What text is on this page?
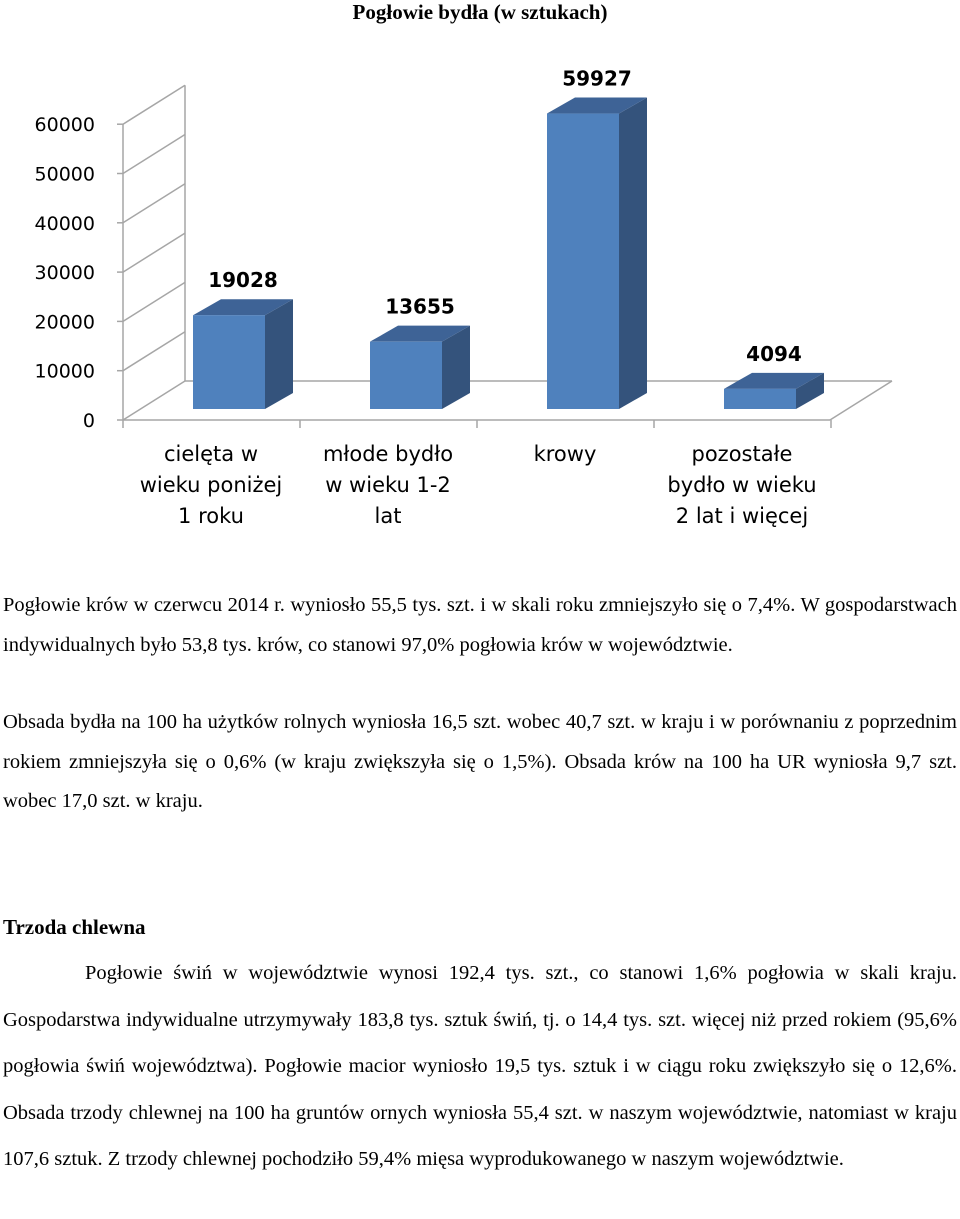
Pogłowie bydła (w sztukach)
0
10000
20000
30000
40000
50000
60000
19028
13655
59927
4094
cielęta w
wieku poniżej
1 roku
młode bydło
w wieku 1-2
lat
krowy	pozostałe
bydło w wieku
2 lat i więcej

Pogłowie krów w czerwcu 2014 r. wyniosło 55,5 tys. szt. i w skali roku zmniejszyło się o 7,4%. W gospodarstwach indywidualnych było 53,8 tys. krów, co stanowi 97,0% pogłowia krów w województwie.

Obsada bydła na 100 ha użytków rolnych wyniosła 16,5 szt. wobec 40,7 szt. w kraju i w porównaniu z poprzednim rokiem zmniejszyła się o 0,6% (w kraju zwiększyła się o 1,5%). Obsada krów na 100 ha UR wyniosła 9,7 szt. wobec 17,0 szt. w kraju.

Trzoda chlewna

Pogłowie świń w województwie wynosi 192,4 tys. szt., co stanowi 1,6% pogłowia w skali kraju. Gospodarstwa indywidualne utrzymywały 183,8 tys. sztuk świń, tj. o 14,4 tys. szt. więcej niż przed rokiem (95,6% pogłowia świń województwa). Pogłowie macior wyniosło 19,5 tys. sztuk i w ciągu roku zwiększyło się o 12,6%. Obsada trzody chlewnej na 100 ha gruntów ornych wyniosła 55,4 szt. w naszym województwie, natomiast w kraju 107,6 sztuk. Z trzody chlewnej pochodziło 59,4% mięsa wyprodukowanego w naszym województwie.
